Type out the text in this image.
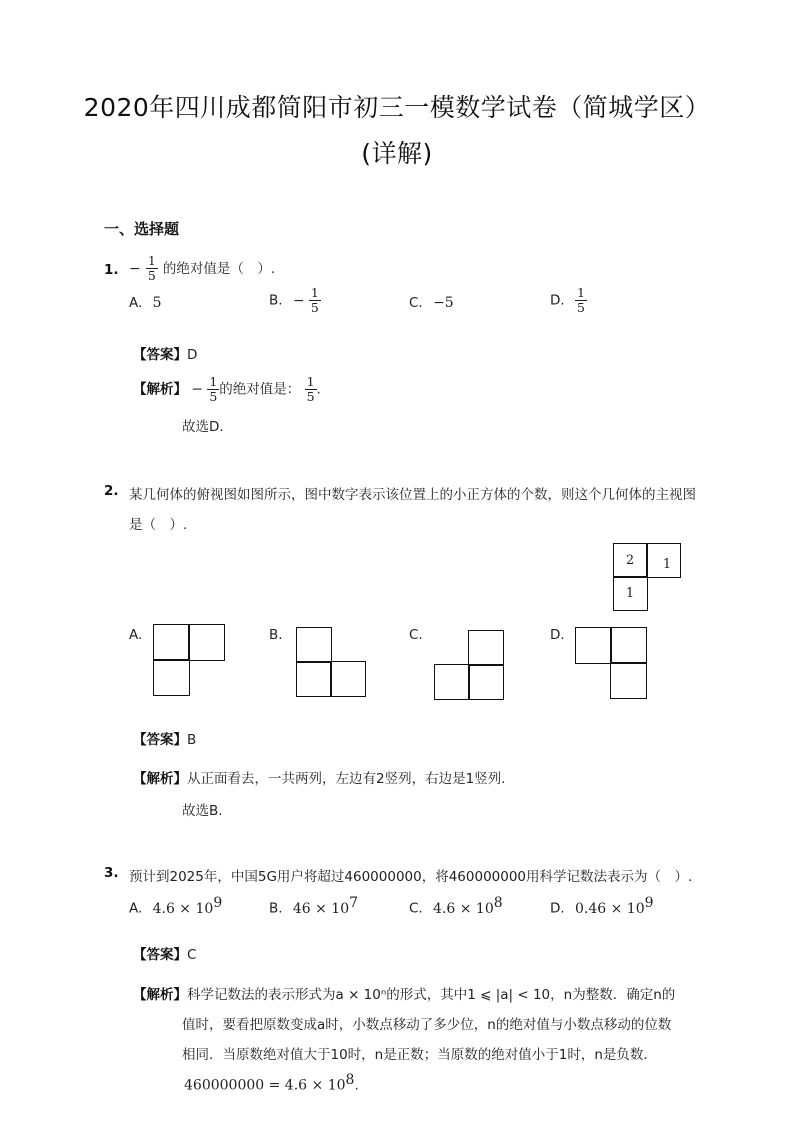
2020年四川成都简阳市初三一模数学试卷（简城学区）
(详解)
一、选择题
1. − $\frac{1}{5}$ 的绝对值是（　）.
A. 5	B. − $\frac{1}{5}$	C. −5	D. $\frac{1}{5}$
【答案】D
【解析】 − $\frac{1}{5}$ 的绝对值是： $\frac{1}{5}$ .
故选D.
2. 某几何体的俯视图如图所示，图中数字表示该位置上的小正方体的个数，则这个几何体的主视图
是（　）.
2	1
1
A.	B.	C.	D.
【答案】B
【解析】从正面看去，一共两列，左边有2竖列，右边是1竖列.
故选B.
3. 预计到2025年，中国5G用户将超过460000000，将460000000用科学记数法表示为（　）.
A. $4.6 \times 10^9$	B. $46 \times 10^7$	C. $4.6 \times 10^8$	D. $0.46 \times 10^9$
【答案】C
【解析】科学记数法的表示形式为a × 10ⁿ的形式，其中1 ⩽ |a| < 10，n为整数．确定n的
值时，要看把原数变成a时，小数点移动了多少位，n的绝对值与小数点移动的位数
相同．当原数绝对值大于10时，n是正数；当原数的绝对值小于1时，n是负数．
$460000000 = 4.6 \times 10^8$.
